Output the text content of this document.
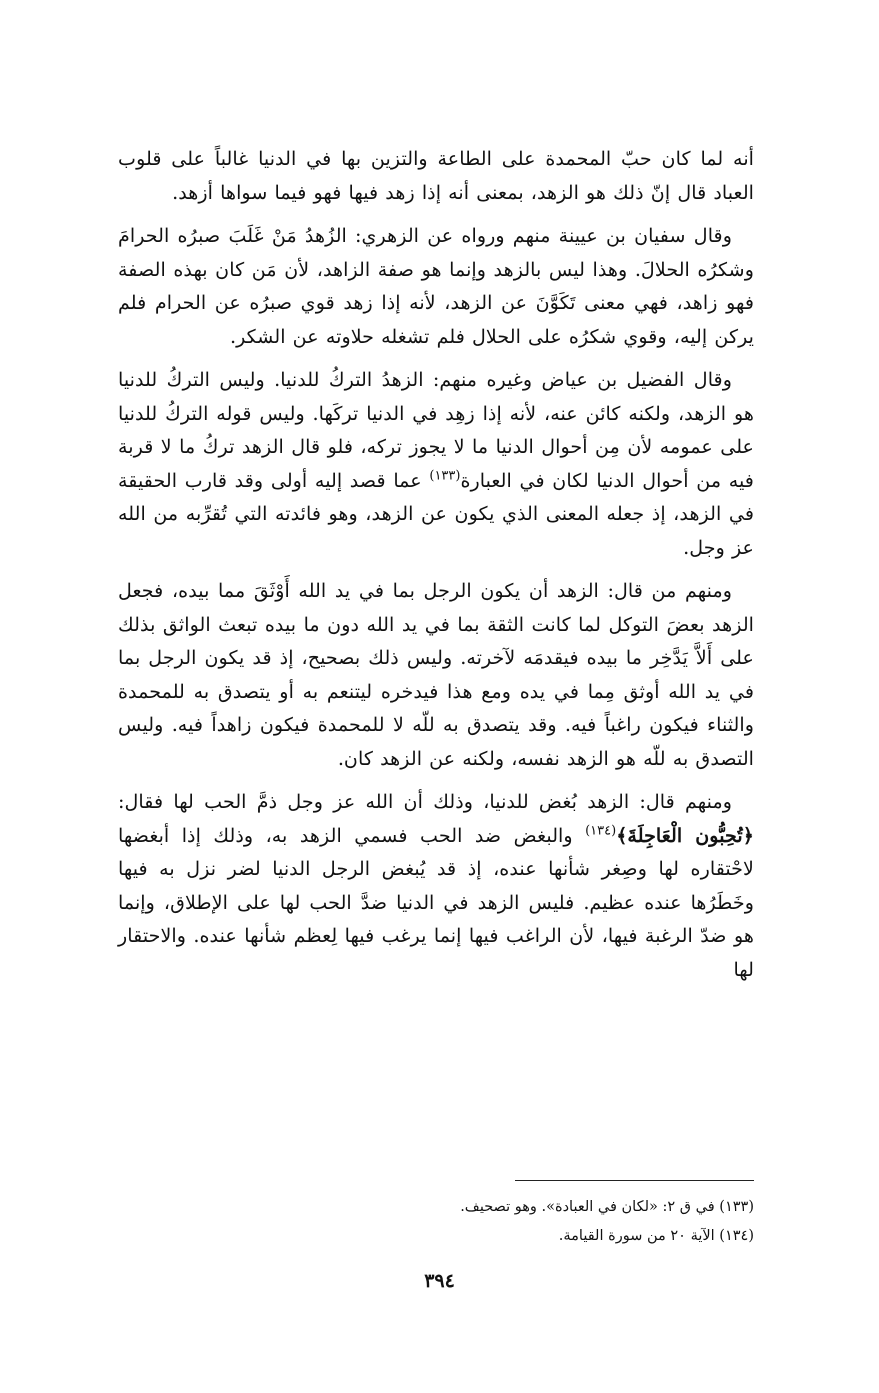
أنه لما كان حبّ المحمدة على الطاعة والتزين بها في الدنيا غالباً على قلوب العباد قال إنّ ذلك هو الزهد، بمعنى أنه إذا زهد فيها فهو فيما سواها أزهد.

وقال سفيان بن عيينة منهم ورواه عن الزهري: الزُهدُ مَنْ غَلَبَ صبرُه الحرامَ وشكرُه الحلالَ. وهذا ليس بالزهد وإنما هو صفة الزاهد، لأن مَن كان بهذه الصفة فهو زاهد، فهي معنى تَكَوَّنَ عن الزهد، لأنه إذا زهد قوي صبرُه عن الحرام فلم يركن إليه، وقوي شكرُه على الحلال فلم تشغله حلاوته عن الشكر.

وقال الفضيل بن عياض وغيره منهم: الزهدُ التركُ للدنيا. وليس التركُ للدنيا هو الزهد، ولكنه كائن عنه، لأنه إذا زهِد في الدنيا تركَها. وليس قوله التركُ للدنيا على عمومه لأن مِن أحوال الدنيا ما لا يجوز تركه، فلو قال الزهد تركُ ما لا قربة فيه من أحوال الدنيا لكان في العبارة$^{(١٣٣)}$ عما قصد إليه أولى وقد قارب الحقيقة في الزهد، إذ جعله المعنى الذي يكون عن الزهد، وهو فائدته التي تُقرِّبه من الله عز وجل.

ومنهم من قال: الزهد أن يكون الرجل بما في يد الله أَوْثَقَ مما بيده، فجعل الزهد بعضَ التوكل لما كانت الثقة بما في يد الله دون ما بيده تبعث الواثق بذلك على أَلاَّ يَدَّخِر ما بيده فيقدمَه لآخرته. وليس ذلك بصحيح، إذ قد يكون الرجل بما في يد الله أوثق مِما في يده ومع هذا فيدخره ليتنعم به أو يتصدق به للمحمدة والثناء فيكون راغباً فيه. وقد يتصدق به للّه لا للمحمدة فيكون زاهداً فيه. وليس التصدق به للّه هو الزهد نفسه، ولكنه عن الزهد كان.

ومنهم قال: الزهد بُغض للدنيا، وذلك أن الله عز وجل ذمَّ الحب لها فقال: ﴿تُحِبُّون الْعَاجِلَةَ﴾$^{(١٣٤)}$ والبغض ضد الحب فسمي الزهد به، وذلك إذا أبغضها لاحْتقاره لها وصِغر شأنها عنده، إذ قد يُبغض الرجل الدنيا لضر نزل به فيها وخَطَرُها عنده عظيم. فليس الزهد في الدنيا ضدَّ الحب لها على الإطلاق، وإنما هو ضدّ الرغبة فيها، لأن الراغب فيها إنما يرغب فيها لِعظم شأنها عنده. والاحتقار لها

(١٣٣) في ق ٢: «لكان في العبادة». وهو تصحيف.

(١٣٤) الآية ٢٠ من سورة القيامة.

٣٩٤
